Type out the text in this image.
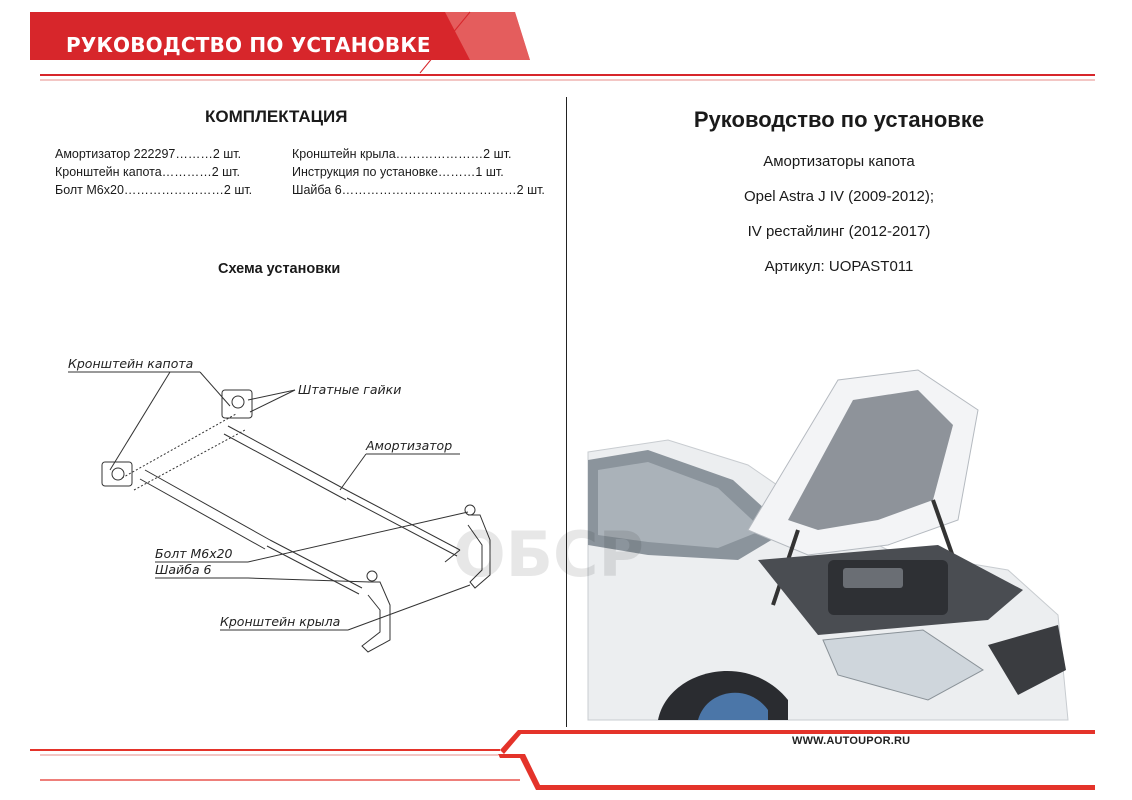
РУКОВОДСТВО ПО УСТАНОВКЕ
КОМПЛЕКТАЦИЯ
Амортизатор 222297………2 шт.
Кронштейн капота…………2 шт.
Болт М6х20……………………2 шт.
Кронштейн крыла…………………2 шт.
Инструкция по установке………1 шт.
Шайба 6……………………………………2 шт.
Схема установки
Кронштейн капота
Штатные гайки
Амортизатор
Болт М6х20
Шайба 6
Кронштейн крыла
Руководство по установке
Амортизаторы капота
Opel Astra J IV (2009-2012);
IV рестайлинг (2012-2017)
Артикул: UOPAST011
ОБСР
WWW.AUTOUPOR.RU
